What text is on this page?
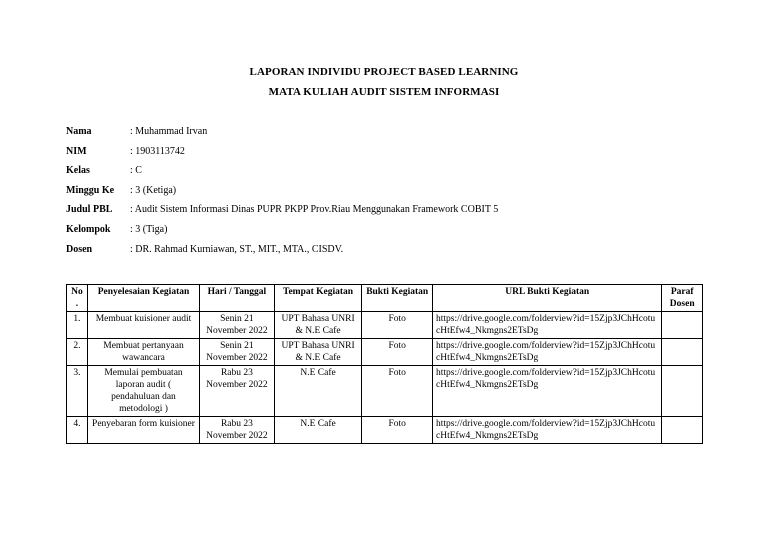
LAPORAN INDIVIDU PROJECT BASED LEARNING
MATA KULIAH AUDIT SISTEM INFORMASI
Nama	: Muhammad Irvan
NIM	: 1903113742
Kelas	: C
Minggu Ke : 3 (Ketiga)
Judul PBL : Audit Sistem Informasi Dinas PUPR PKPP Prov.Riau Menggunakan Framework COBIT 5
Kelompok : 3 (Tiga)
Dosen	: DR. Rahmad Kurniawan, ST., MIT., MTA., CISDV.
No .	Penyelesaian Kegiatan	Hari / Tanggal	Tempat Kegiatan	Bukti Kegiatan	URL Bukti Kegiatan	Paraf Dosen
1.	Membuat kuisioner audit	Senin 21 November 2022	UPT Bahasa UNRI & N.E Cafe	Foto	https://drive.google.com/folderview?id=15Zjp3JChHcotucHtEfw4_Nkmgns2ETsDg	
2.	Membuat pertanyaan wawancara	Senin 21 November 2022	UPT Bahasa UNRI & N.E Cafe	Foto	https://drive.google.com/folderview?id=15Zjp3JChHcotucHtEfw4_Nkmgns2ETsDg	
3.	Memulai pembuatan laporan audit ( pendahuluan dan metodologi )	Rabu 23 November 2022	N.E Cafe	Foto	https://drive.google.com/folderview?id=15Zjp3JChHcotucHtEfw4_Nkmgns2ETsDg	
4.	Penyebaran form kuisioner	Rabu 23 November 2022	N.E Cafe	Foto	https://drive.google.com/folderview?id=15Zjp3JChHcotucHtEfw4_Nkmgns2ETsDg	
